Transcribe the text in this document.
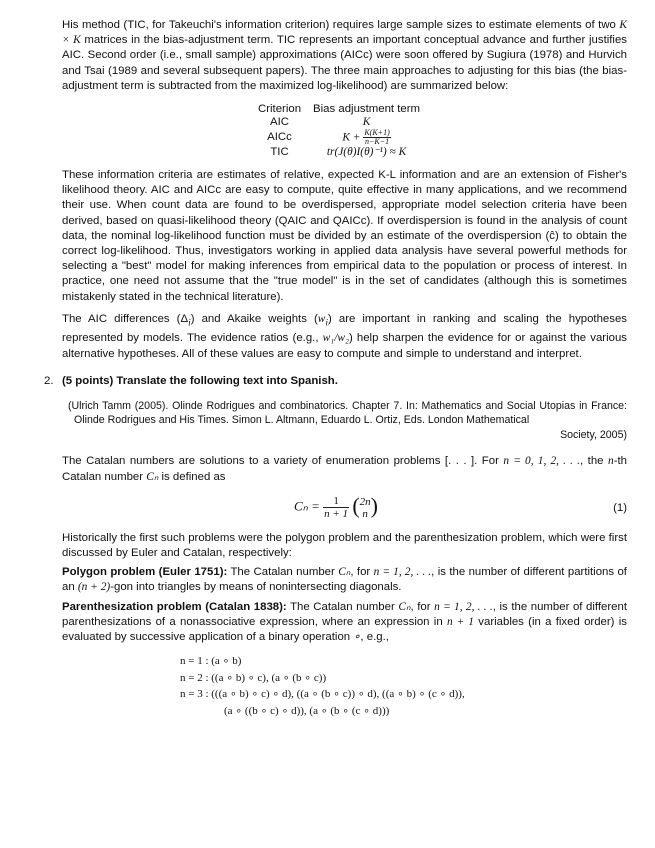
His method (TIC, for Takeuchi's information criterion) requires large sample sizes to estimate elements of two K × K matrices in the bias-adjustment term. TIC represents an important conceptual advance and further justifies AIC. Second order (i.e., small sample) approximations (AICc) were soon offered by Sugiura (1978) and Hurvich and Tsai (1989 and several subsequent papers). The three main approaches to adjusting for this bias (the bias-adjustment term is subtracted from the maximized log-likelihood) are summarized below:

Criterion	Bias adjustment term
AIC	K
AICc	$K + \frac{K(K+1)}{n-K-1}$

TIC	tr(J(θ)I(θ)⁻¹) ≈ K

These information criteria are estimates of relative, expected K-L information and are an extension of Fisher's likelihood theory. AIC and AICc are easy to compute, quite effective in many applications, and we recommend their use. When count data are found to be overdispersed, appropriate model selection criteria have been derived, based on quasi-likelihood theory (QAIC and QAICc). If overdispersion is found in the analysis of count data, the nominal log-likelihood function must be divided by an estimate of the overdispersion (ĉ) to obtain the correct log-likelihood. Thus, investigators working in applied data analysis have several powerful methods for selecting a "best" model for making inferences from empirical data to the population or process of interest. In practice, one need not assume that the "true model" is in the set of candidates (although this is sometimes mistakenly stated in the technical literature).

The AIC differences $(\Delta_i)$ and Akaike weights $(w_i)$ are important in ranking and scaling the hypotheses represented by models. The evidence ratios (e.g., w₁/w₂) help sharpen the evidence for or against the various alternative hypotheses. All of these values are easy to compute and simple to understand and interpret.

2. (5 points) Translate the following text into Spanish.

(Ulrich Tamm (2005). Olinde Rodrigues and combinatorics. Chapter 7. In: Mathematics and Social Utopias in France: Olinde Rodrigues and His Times. Simon L. Altmann, Eduardo L. Ortiz, Eds. London Mathematical

Society, 2005)

The Catalan numbers are solutions to a variety of enumeration problems [. . . ]. For n = 0, 1, 2, . . ., the n-th Catalan number Cₙ is defined as

$C_n = \frac{1}{n + 1}$ ( 2n
n )	(1)

Historically the first such problems were the polygon problem and the parenthesization problem, which were first discussed by Euler and Catalan, respectively:

Polygon problem (Euler 1751): The Catalan number Cₙ, for n = 1, 2, . . ., is the number of different partitions of an (n + 2)-gon into triangles by means of nonintersecting diagonals.

Parenthesization problem (Catalan 1838): The Catalan number Cₙ, for n = 1, 2, . . ., is the number of different parenthesizations of a nonassociative expression, where an expression in n + 1 variables (in a fixed order) is evaluated by successive application of a binary operation ∘, e.g.,

n = 1 : (a ∘ b)
n = 2 : ((a ∘ b) ∘ c), (a ∘ (b ∘ c))
n = 3 : (((a ∘ b) ∘ c) ∘ d), ((a ∘ (b ∘ c)) ∘ d), ((a ∘ b) ∘ (c ∘ d)),
(a ∘ ((b ∘ c) ∘ d)), (a ∘ (b ∘ (c ∘ d)))
